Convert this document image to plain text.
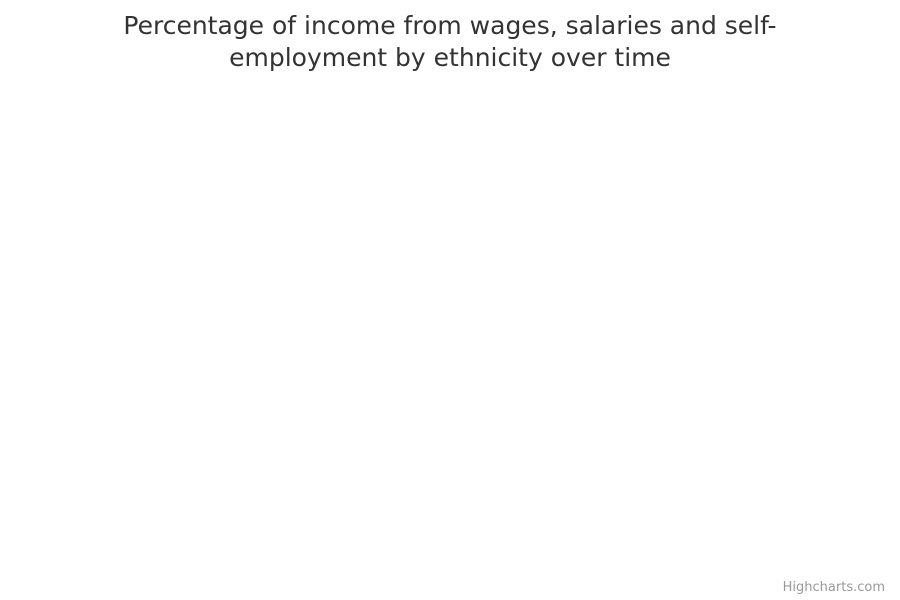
Percentage of income from wages, salaries and self-employment by ethnicity over time
Highcharts.com
